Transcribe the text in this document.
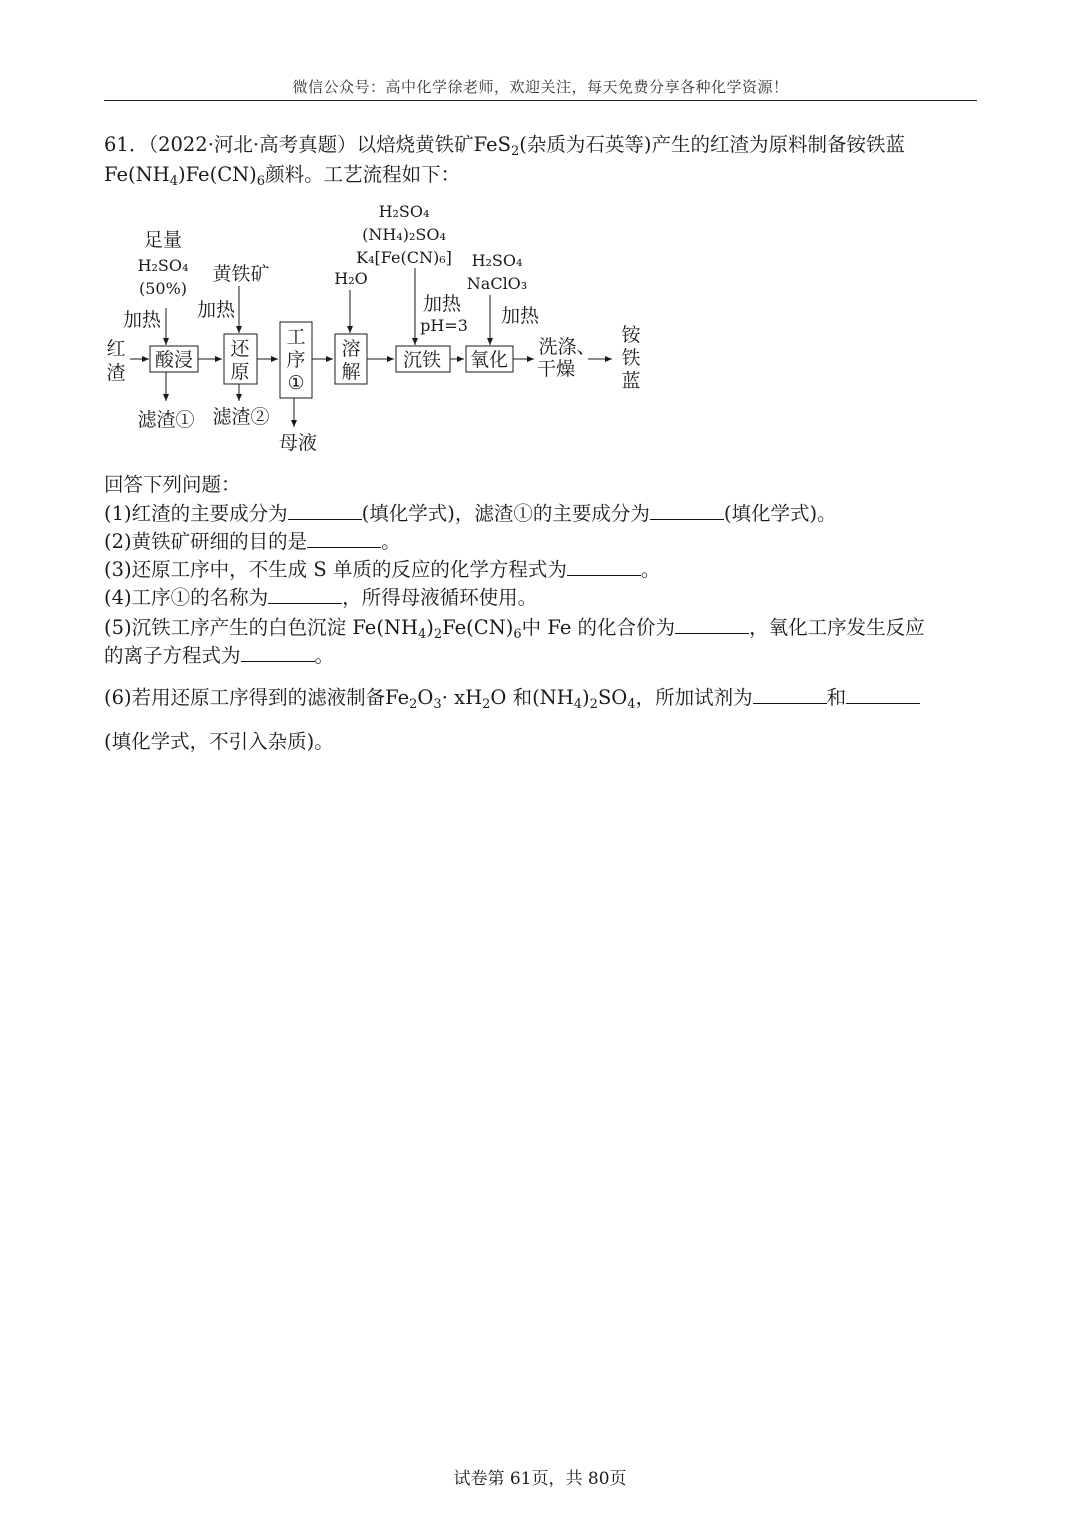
微信公众号：高中化学徐老师，欢迎关注，每天免费分享各种化学资源！
61．（2022·河北·高考真题）以焙烧黄铁矿FeS$_2$(杂质为石英等)产生的红渣为原料制备铵铁蓝
$Fe(NH_4)Fe(CN)_6$颜料。工艺流程如下：
红
渣
足量
H₂SO₄
(50%)
加热
酸浸
滤渣①
黄铁矿
加热
还
原
滤渣②
工
序
①
母液
H₂O
溶
解
H₂SO₄
(NH₄)₂SO₄
K₄[Fe(CN)₆]
加热
pH=3
沉铁
H₂SO₄
NaClO₃
加热
氧化
洗涤、
干燥
铵
铁
蓝
回答下列问题：
(1)红渣的主要成分为	(填化学式)，滤渣①的主要成分为	(填化学式)。
(2)黄铁矿研细的目的是	。
(3)还原工序中，不生成 S 单质的反应的化学方程式为	。
(4)工序①的名称为	，所得母液循环使用。
(5)沉铁工序产生的白色沉淀 $Fe(NH_4)_2Fe(CN)_6$中 Fe 的化合价为	，氧化工序发生反应
的离子方程式为	。
(6)若用还原工序得到的滤液制备$Fe_2O_3\cdot xH_2O$ 和$(NH_4)_2SO_4$，所加试剂为	和
(填化学式，不引入杂质)。
试卷第 61页，共 80页
